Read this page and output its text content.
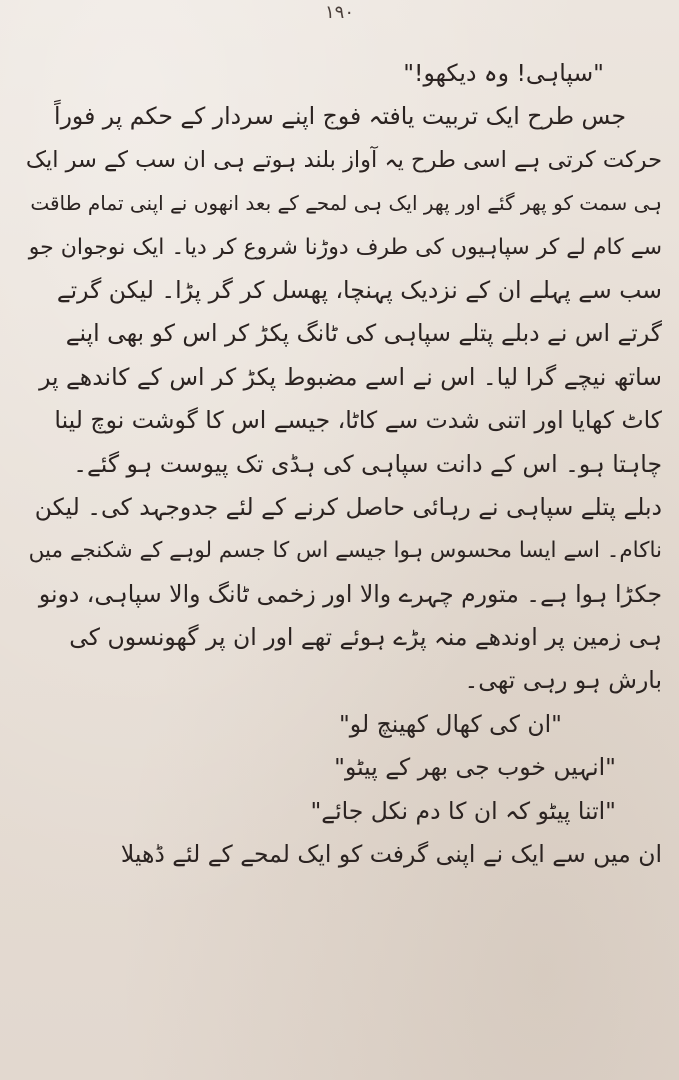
۱۹۰
"سپاہی! وہ دیکھو!"
جس طرح ایک تربیت یافتہ فوج اپنے سردار کے حکم پر فوراً
حرکت کرتی ہے اسی طرح یہ آواز بلند ہوتے ہی ان سب کے سر ایک
ہی سمت کو پھر گئے اور پھر ایک ہی لمحے کے بعد انھوں نے اپنی تمام طاقت
سے کام لے کر سپاہیوں کی طرف دوڑنا شروع کر دیا۔ ایک نوجوان جو
سب سے پہلے ان کے نزدیک پہنچا، پھسل کر گر پڑا۔ لیکن گرتے
گرتے اس نے دبلے پتلے سپاہی کی ٹانگ پکڑ کر اس کو بھی اپنے
ساتھ نیچے گرا لیا۔ اس نے اسے مضبوط پکڑ کر اس کے کاندھے پر
کاٹ کھایا اور اتنی شدت سے کاٹا، جیسے اس کا گوشت نوچ لینا
چاہتا ہو۔ اس کے دانت سپاہی کی ہڈی تک پیوست ہو گئے۔
دبلے پتلے سپاہی نے رہائی حاصل کرنے کے لئے جدوجہد کی۔ لیکن
ناکام۔ اسے ایسا محسوس ہوا جیسے اس کا جسم لوہے کے شکنجے میں
جکڑا ہوا ہے۔ متورم چہرے والا اور زخمی ٹانگ والا سپاہی، دونو
ہی زمین پر اوندھے منہ پڑے ہوئے تھے اور ان پر گھونسوں کی
بارش ہو رہی تھی۔
"ان کی کھال کھینچ لو"
"انہیں خوب جی بھر کے پیٹو"
"اتنا پیٹو کہ ان کا دم نکل جائے"
ان میں سے ایک نے اپنی گرفت کو ایک لمحے کے لئے ڈھیلا
